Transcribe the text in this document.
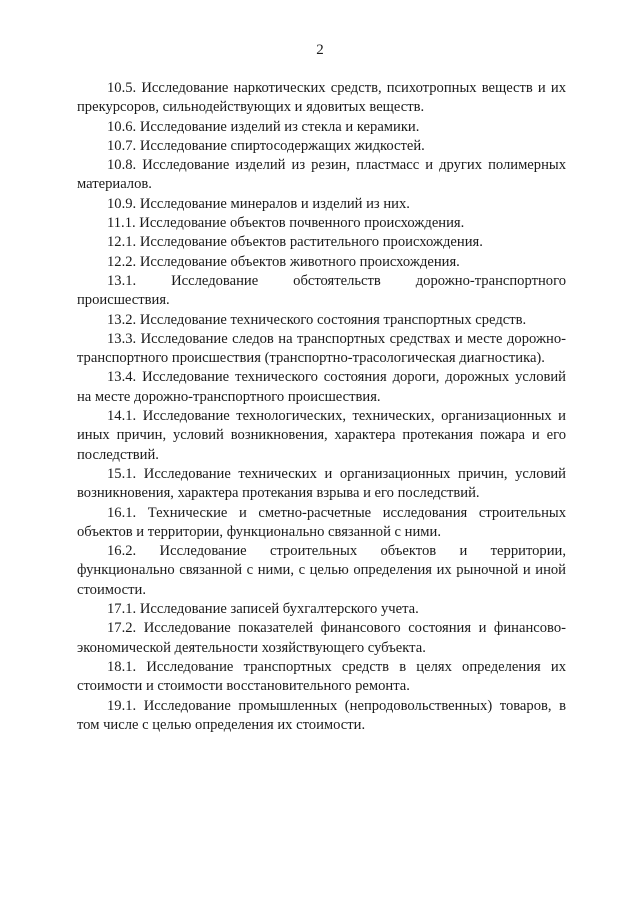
2

10.5. Исследование наркотических средств, психотропных веществ и их прекурсоров, сильнодействующих и ядовитых веществ.

10.6. Исследование изделий из стекла и керамики.

10.7. Исследование спиртосодержащих жидкостей.

10.8. Исследование изделий из резин, пластмасс и других полимерных материалов.

10.9. Исследование минералов и изделий из них.

11.1. Исследование объектов почвенного происхождения.

12.1. Исследование объектов растительного происхождения.

12.2. Исследование объектов животного происхождения.

13.1. Исследование обстоятельств дорожно-транспортного происшествия.

13.2. Исследование технического состояния транспортных средств.

13.3. Исследование следов на транспортных средствах и месте дорожно-транспортного происшествия (транспортно-трасологическая диагностика).

13.4. Исследование технического состояния дороги, дорожных условий на месте дорожно-транспортного происшествия.

14.1. Исследование технологических, технических, организационных и иных причин, условий возникновения, характера протекания пожара и его последствий.

15.1. Исследование технических и организационных причин, условий возникновения, характера протекания взрыва и его последствий.

16.1. Технические и сметно-расчетные исследования строительных объектов и территории, функционально связанной с ними.

16.2. Исследование строительных объектов и территории, функционально связанной с ними, с целью определения их рыночной и иной стоимости.

17.1. Исследование записей бухгалтерского учета.

17.2. Исследование показателей финансового состояния и финансово-экономической деятельности хозяйствующего субъекта.

18.1. Исследование транспортных средств в целях определения их стоимости и стоимости восстановительного ремонта.

19.1. Исследование промышленных (непродовольственных) товаров, в том числе с целью определения их стоимости.
